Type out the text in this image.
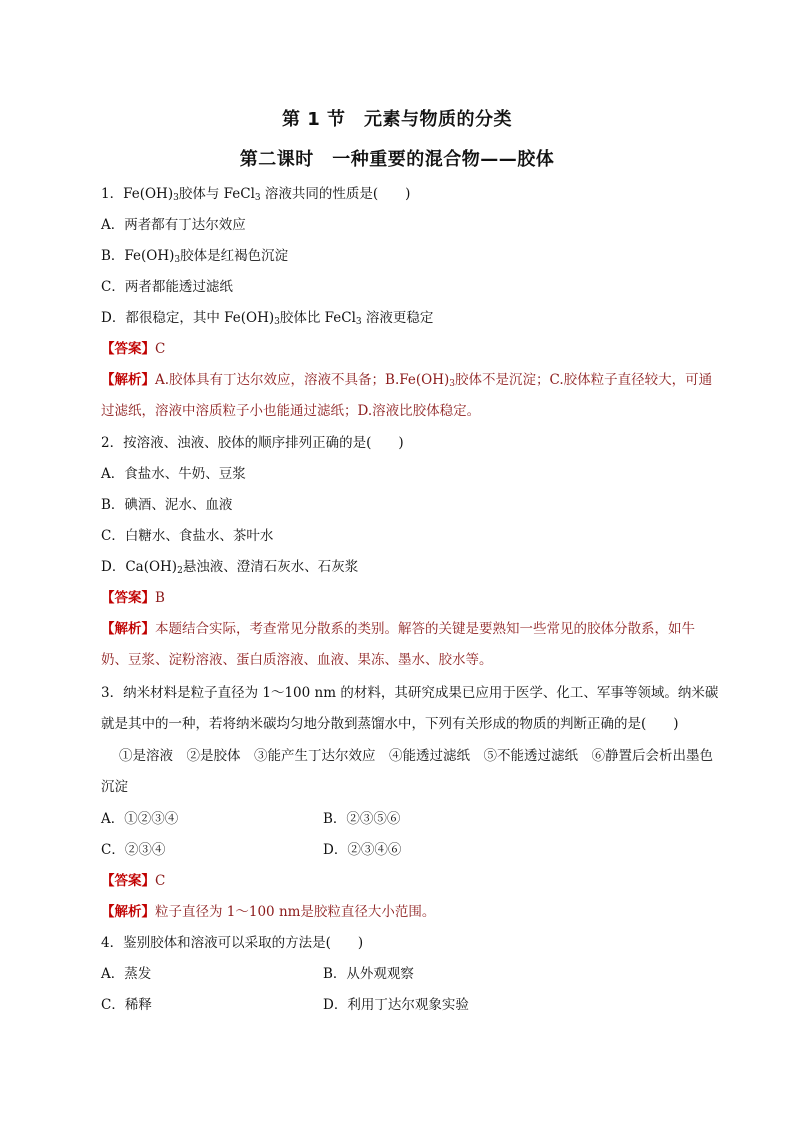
第 1 节　元素与物质的分类
第二课时　一种重要的混合物——胶体
1．$Fe(OH)_3$胶体与 FeCl$_3$ 溶液共同的性质是(　　)
A．两者都有丁达尔效应
B．$Fe(OH)_3$胶体是红褐色沉淀
C．两者都能透过滤纸
D．都很稳定，其中 $Fe(OH)_3$胶体比 FeCl$_3$ 溶液更稳定
【答案】C
【解析】A.胶体具有丁达尔效应，溶液不具备；$B.Fe(OH)_3$胶体不是沉淀；C.胶体粒子直径较大，可通
过滤纸，溶液中溶质粒子小也能通过滤纸；D.溶液比胶体稳定。
2．按溶液、浊液、胶体的顺序排列正确的是(　　)
A．食盐水、牛奶、豆浆
B．碘酒、泥水、血液
C．白糖水、食盐水、茶叶水
D．$Ca(OH)_2$悬浊液、澄清石灰水、石灰浆
【答案】B
【解析】本题结合实际，考查常见分散系的类别。解答的关键是要熟知一些常见的胶体分散系，如牛
奶、豆浆、淀粉溶液、蛋白质溶液、血液、果冻、墨水、胶水等。
3．纳米材料是粒子直径为 1～100 nm 的材料，其研究成果已应用于医学、化工、军事等领域。纳米碳
就是其中的一种，若将纳米碳均匀地分散到蒸馏水中，下列有关形成的物质的判断正确的是(　　)
①是溶液　②是胶体　③能产生丁达尔效应　④能透过滤纸　⑤不能透过滤纸　⑥静置后会析出墨色
沉淀
A．①②③④	B．②③⑤⑥
C．②③④	D．②③④⑥
【答案】C
【解析】粒子直径为 1～100 nm是胶粒直径大小范围。
4．鉴别胶体和溶液可以采取的方法是(　　)
A．蒸发	B．从外观观察
C．稀释	D．利用丁达尔观象实验
